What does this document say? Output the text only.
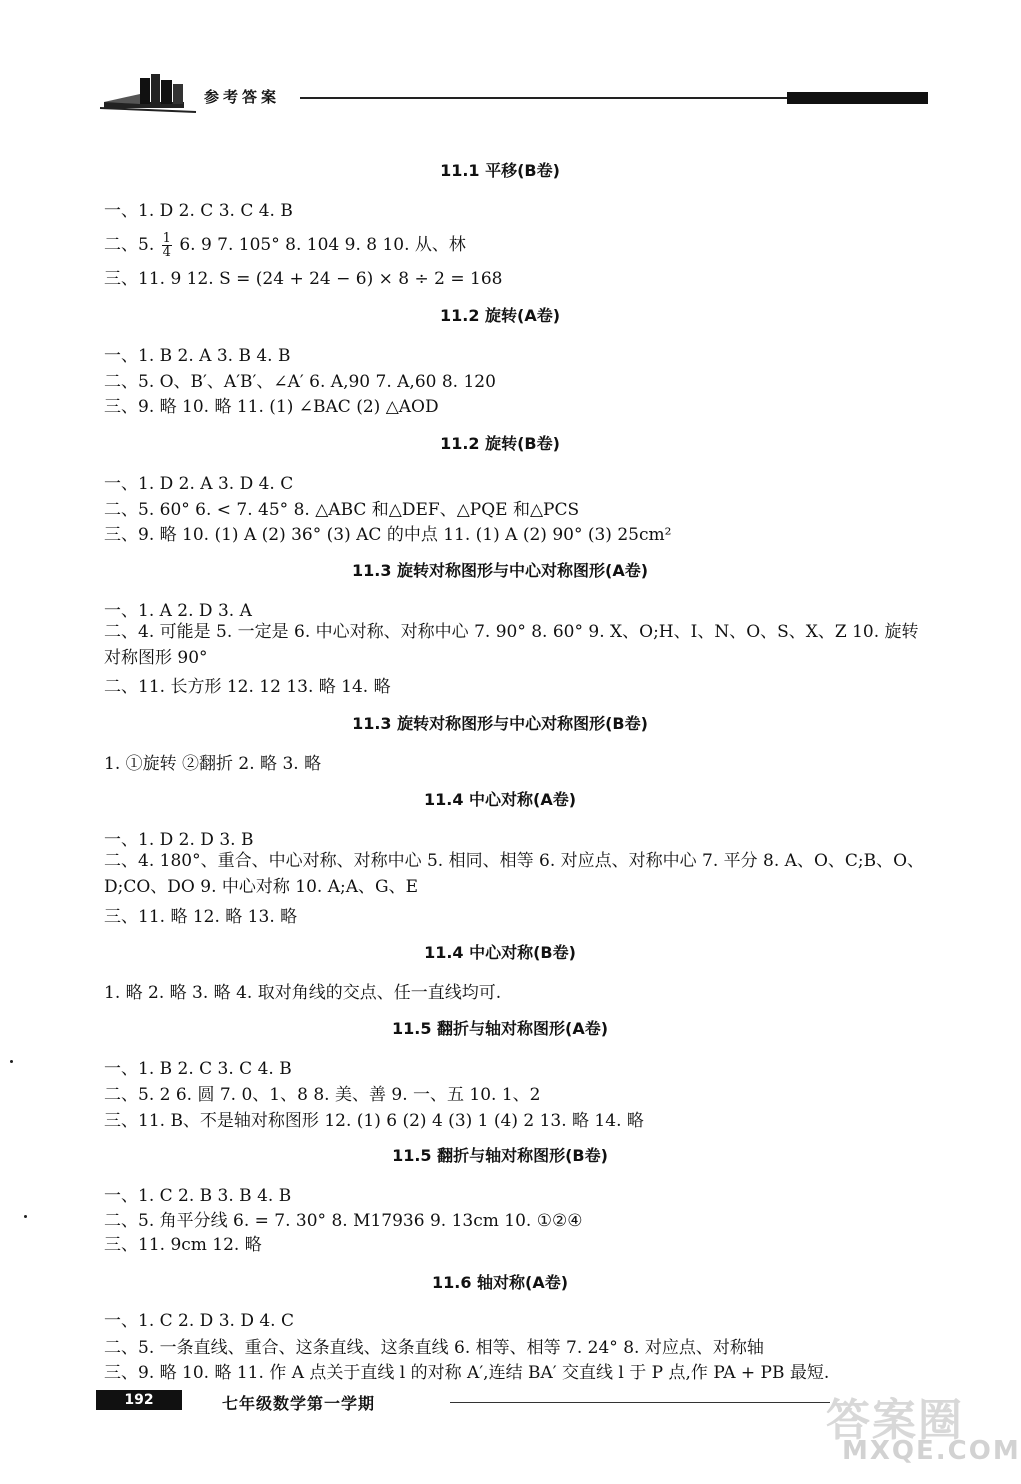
参考答案
11.1 平移(B卷)
一、1. D 2. C 3. C 4. B
二、5. $\frac{1}{4} 6$. 9 7. 105° 8. 104 9. 8 10. 从、林
三、11. 9 12. S = (24 + 24 − 6) × 8 ÷ 2 = 168
11.2 旋转(A卷)
一、1. B 2. A 3. B 4. B
二、5. O、B′、A′B′、∠A′ 6. A,90 7. A,60 8. 120
三、9. 略 10. 略 11. (1) ∠BAC (2) △AOD
11.2 旋转(B卷)
一、1. D 2. A 3. D 4. C
二、5. 60° 6. < 7. 45° 8. △ABC 和△DEF、△PQE 和△PCS
三、9. 略 10. (1) A (2) 36° (3) AC 的中点 11. (1) A (2) 90° (3) 25cm²
11.3 旋转对称图形与中心对称图形(A卷)
一、1. A 2. D 3. A
二、4. 可能是 5. 一定是 6. 中心对称、对称中心 7. 90° 8. 60° 9. X、O;H、I、N、O、S、X、Z 10. 旋转对称图形 90°
二、11. 长方形 12. 12 13. 略 14. 略
11.3 旋转对称图形与中心对称图形(B卷)
1. ①旋转 ②翻折 2. 略 3. 略
11.4 中心对称(A卷)
一、1. D 2. D 3. B
二、4. 180°、重合、中心对称、对称中心 5. 相同、相等 6. 对应点、对称中心 7. 平分 8. A、O、C;B、O、D;CO、DO 9. 中心对称 10. A;A、G、E
三、11. 略 12. 略 13. 略
11.4 中心对称(B卷)
1. 略 2. 略 3. 略 4. 取对角线的交点、任一直线均可.
11.5 翻折与轴对称图形(A卷)
一、1. B 2. C 3. C 4. B
二、5. 2 6. 圆 7. 0、1、8 8. 美、善 9. 一、五 10. 1、2
三、11. B、不是轴对称图形 12. (1) 6 (2) 4 (3) 1 (4) 2 13. 略 14. 略
11.5 翻折与轴对称图形(B卷)
一、1. C 2. B 3. B 4. B
二、5. 角平分线 6. = 7. 30° 8. M17936 9. 13cm 10. ①②④
三、11. 9cm 12. 略
11.6 轴对称(A卷)
一、1. C 2. D 3. D 4. C
二、5. 一条直线、重合、这条直线、这条直线 6. 相等、相等 7. 24° 8. 对应点、对称轴
三、9. 略 10. 略 11. 作 A 点关于直线 l 的对称 A′,连结 BA′ 交直线 l 于 P 点,作 PA + PB 最短.
192	七年级数学第一学期	答案圈
MXQE.COM
